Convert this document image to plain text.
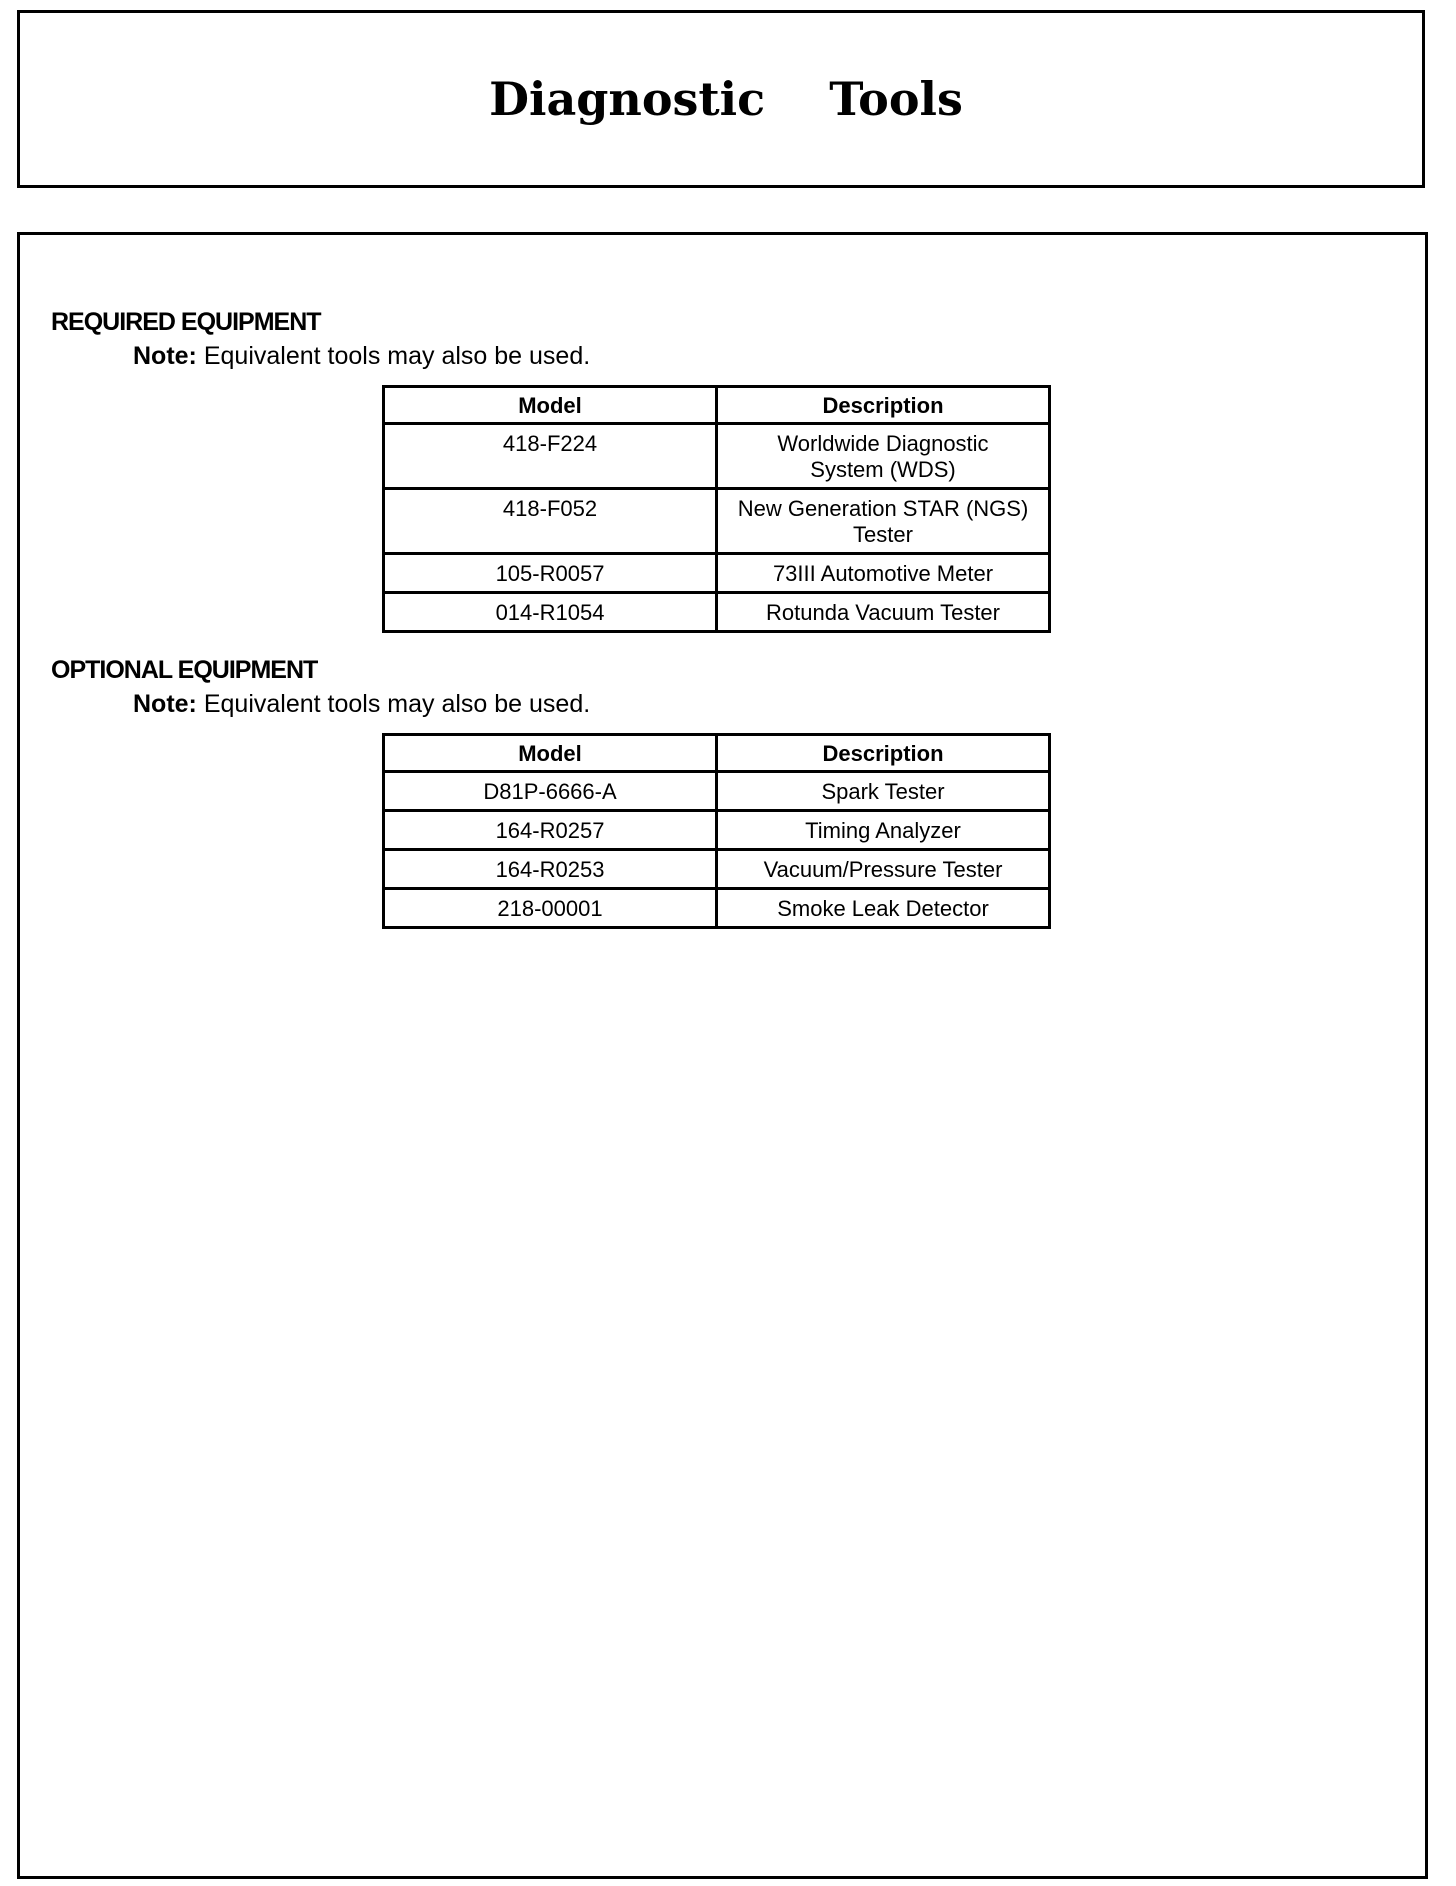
Diagnostic    Tools
REQUIRED EQUIPMENT
Note: Equivalent tools may also be used.
Model	Description
418-F224	Worldwide Diagnostic
System (WDS)
418-F052	New Generation STAR (NGS)
Tester
105-R0057	73III Automotive Meter
014-R1054	Rotunda Vacuum Tester
OPTIONAL EQUIPMENT
Note: Equivalent tools may also be used.
Model	Description
D81P-6666-A	Spark Tester
164-R0257	Timing Analyzer
164-R0253	Vacuum/Pressure Tester
218-00001	Smoke Leak Detector
